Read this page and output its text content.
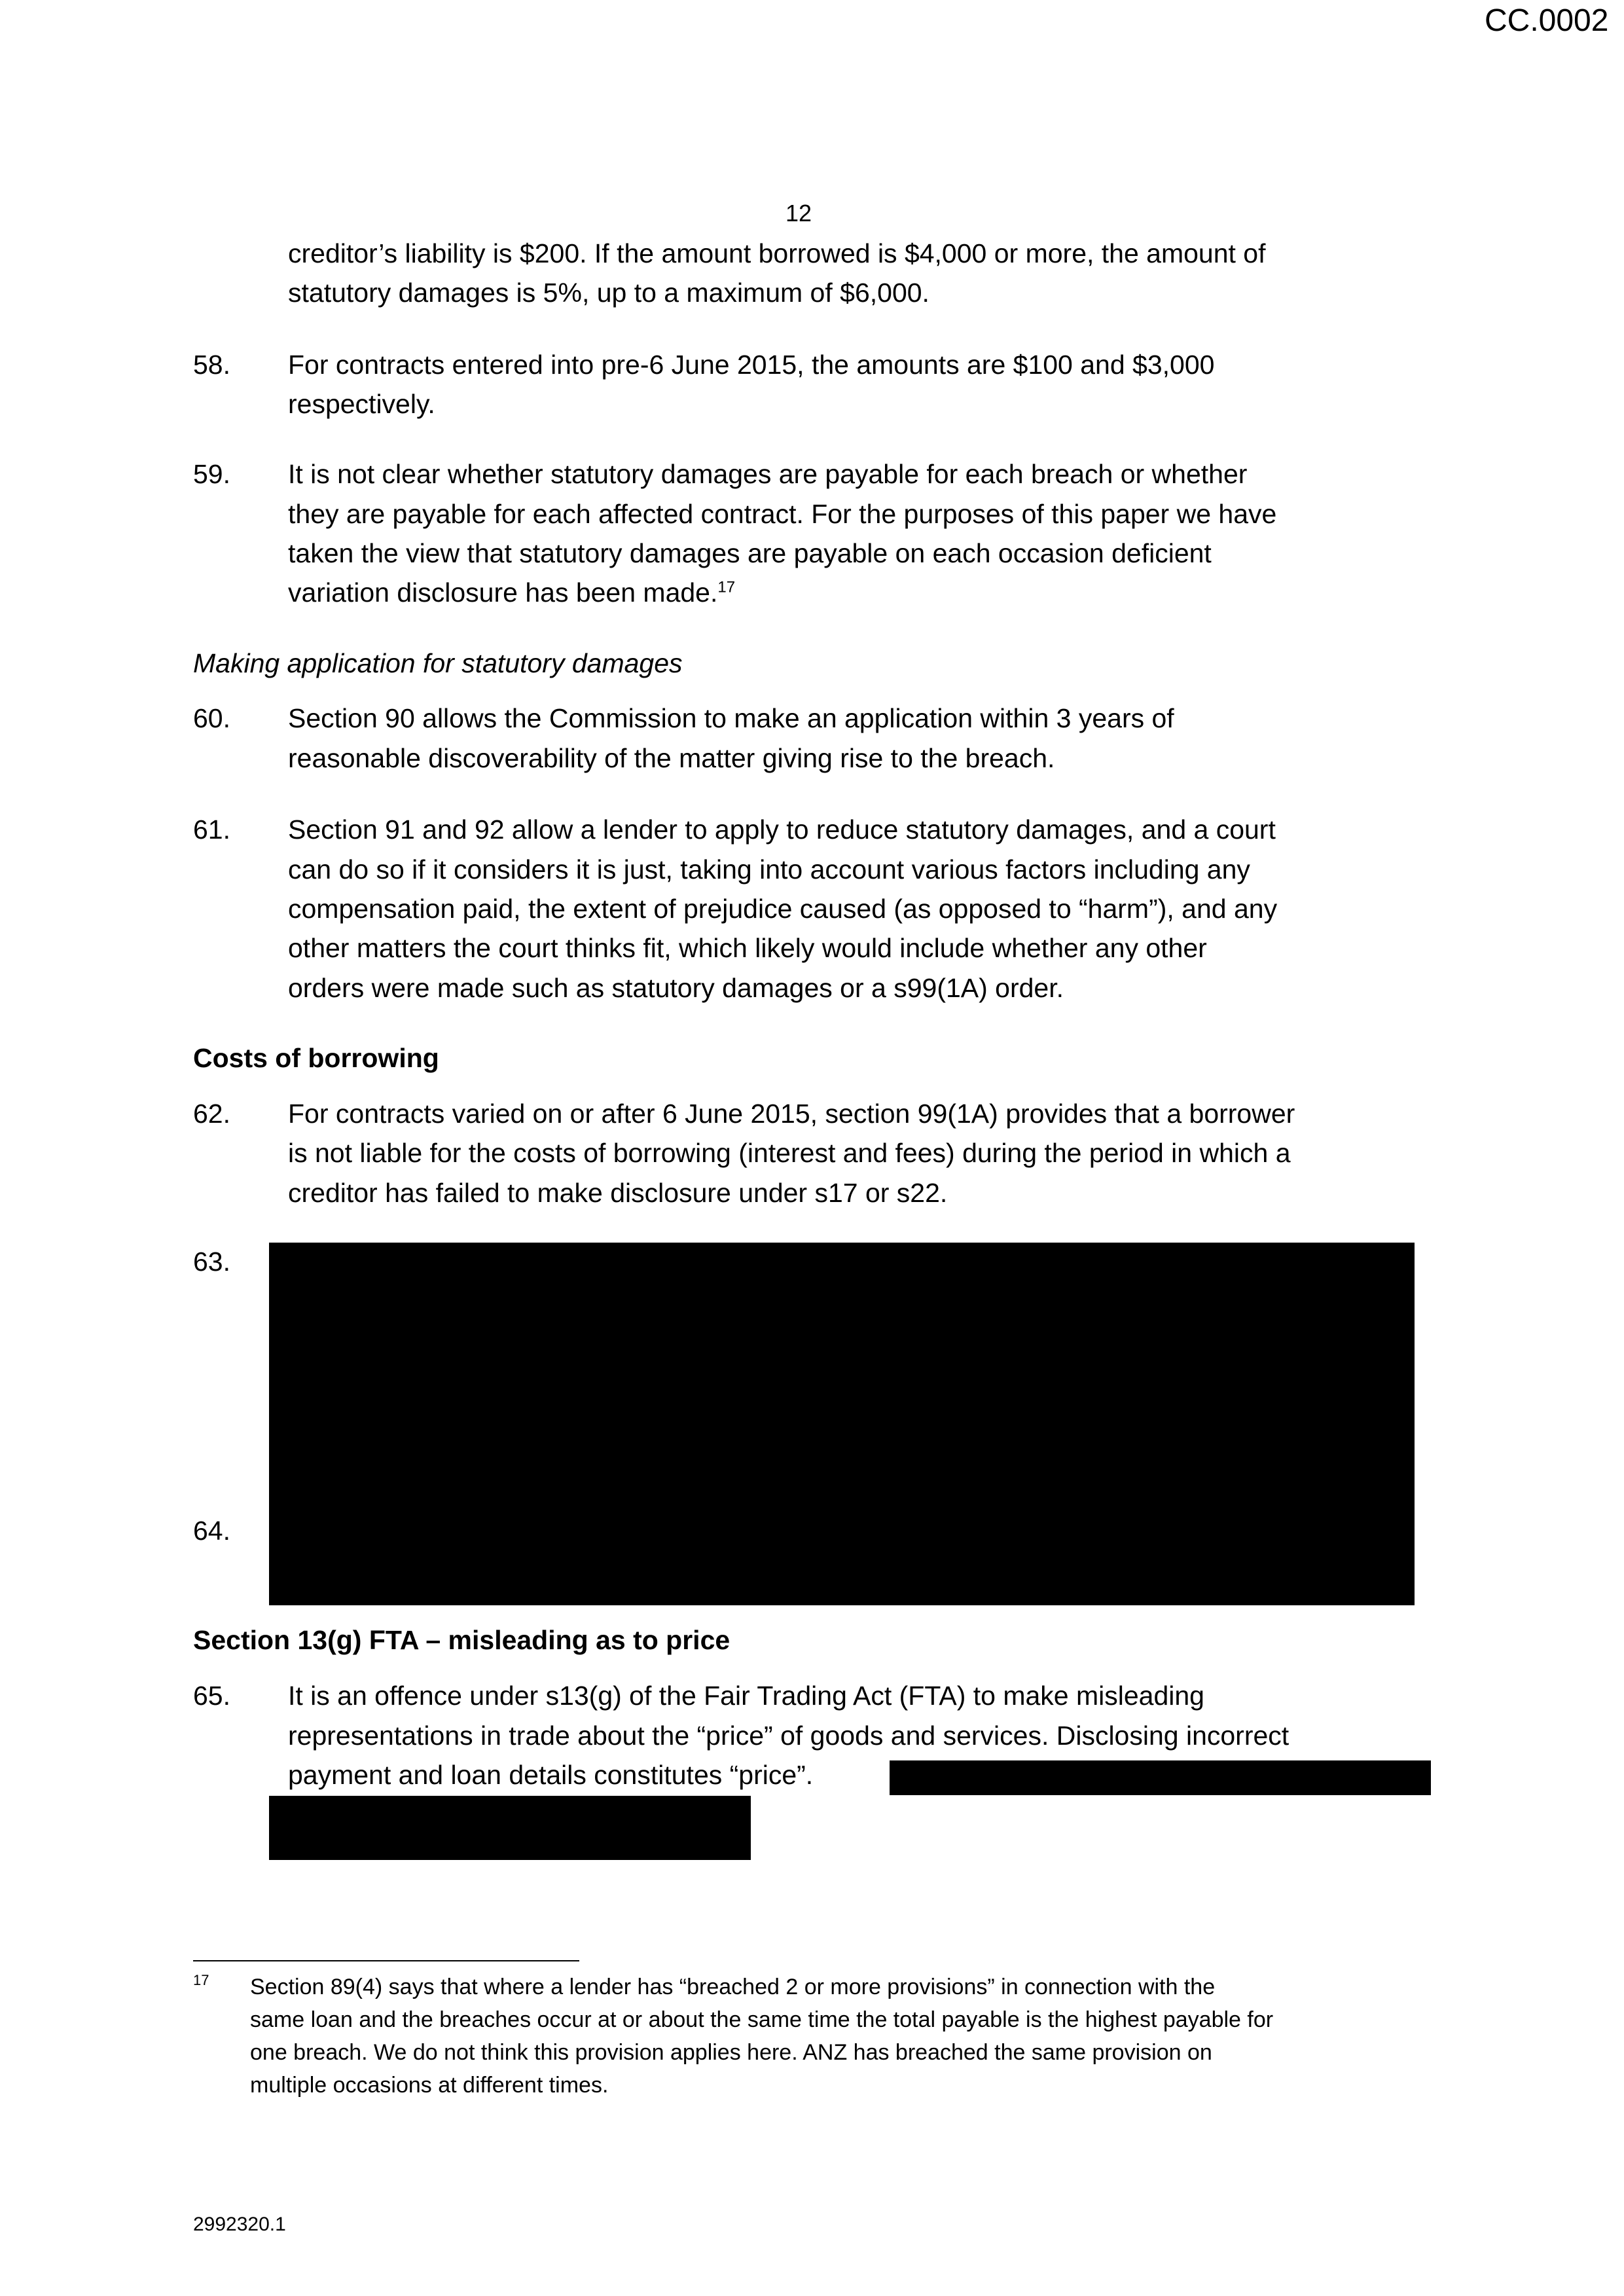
CC.0002
12
creditor’s liability is $200. If the amount borrowed is $4,000 or more, the amount of
statutory damages is 5%, up to a maximum of $6,000.
58. For contracts entered into pre-6 June 2015, the amounts are $100 and $3,000
respectively.
59. It is not clear whether statutory damages are payable for each breach or whether
they are payable for each affected contract. For the purposes of this paper we have
taken the view that statutory damages are payable on each occasion deficient
variation disclosure has been made.$^{17}$
Making application for statutory damages
60. Section 90 allows the Commission to make an application within 3 years of
reasonable discoverability of the matter giving rise to the breach.
61. Section 91 and 92 allow a lender to apply to reduce statutory damages, and a court
can do so if it considers it is just, taking into account various factors including any
compensation paid, the extent of prejudice caused (as opposed to “harm”), and any
other matters the court thinks fit, which likely would include whether any other
orders were made such as statutory damages or a s99(1A) order.
Costs of borrowing
62. For contracts varied on or after 6 June 2015, section 99(1A) provides that a borrower
is not liable for the costs of borrowing (interest and fees) during the period in which a
creditor has failed to make disclosure under s17 or s22.
63.
64.
Section 13(g) FTA – misleading as to price
65. It is an offence under s13(g) of the Fair Trading Act (FTA) to make misleading
representations in trade about the “price” of goods and services. Disclosing incorrect
payment and loan details constitutes “price”.
17 Section 89(4) says that where a lender has “breached 2 or more provisions” in connection with the
same loan and the breaches occur at or about the same time the total payable is the highest payable for
one breach. We do not think this provision applies here. ANZ has breached the same provision on
multiple occasions at different times.
2992320.1
